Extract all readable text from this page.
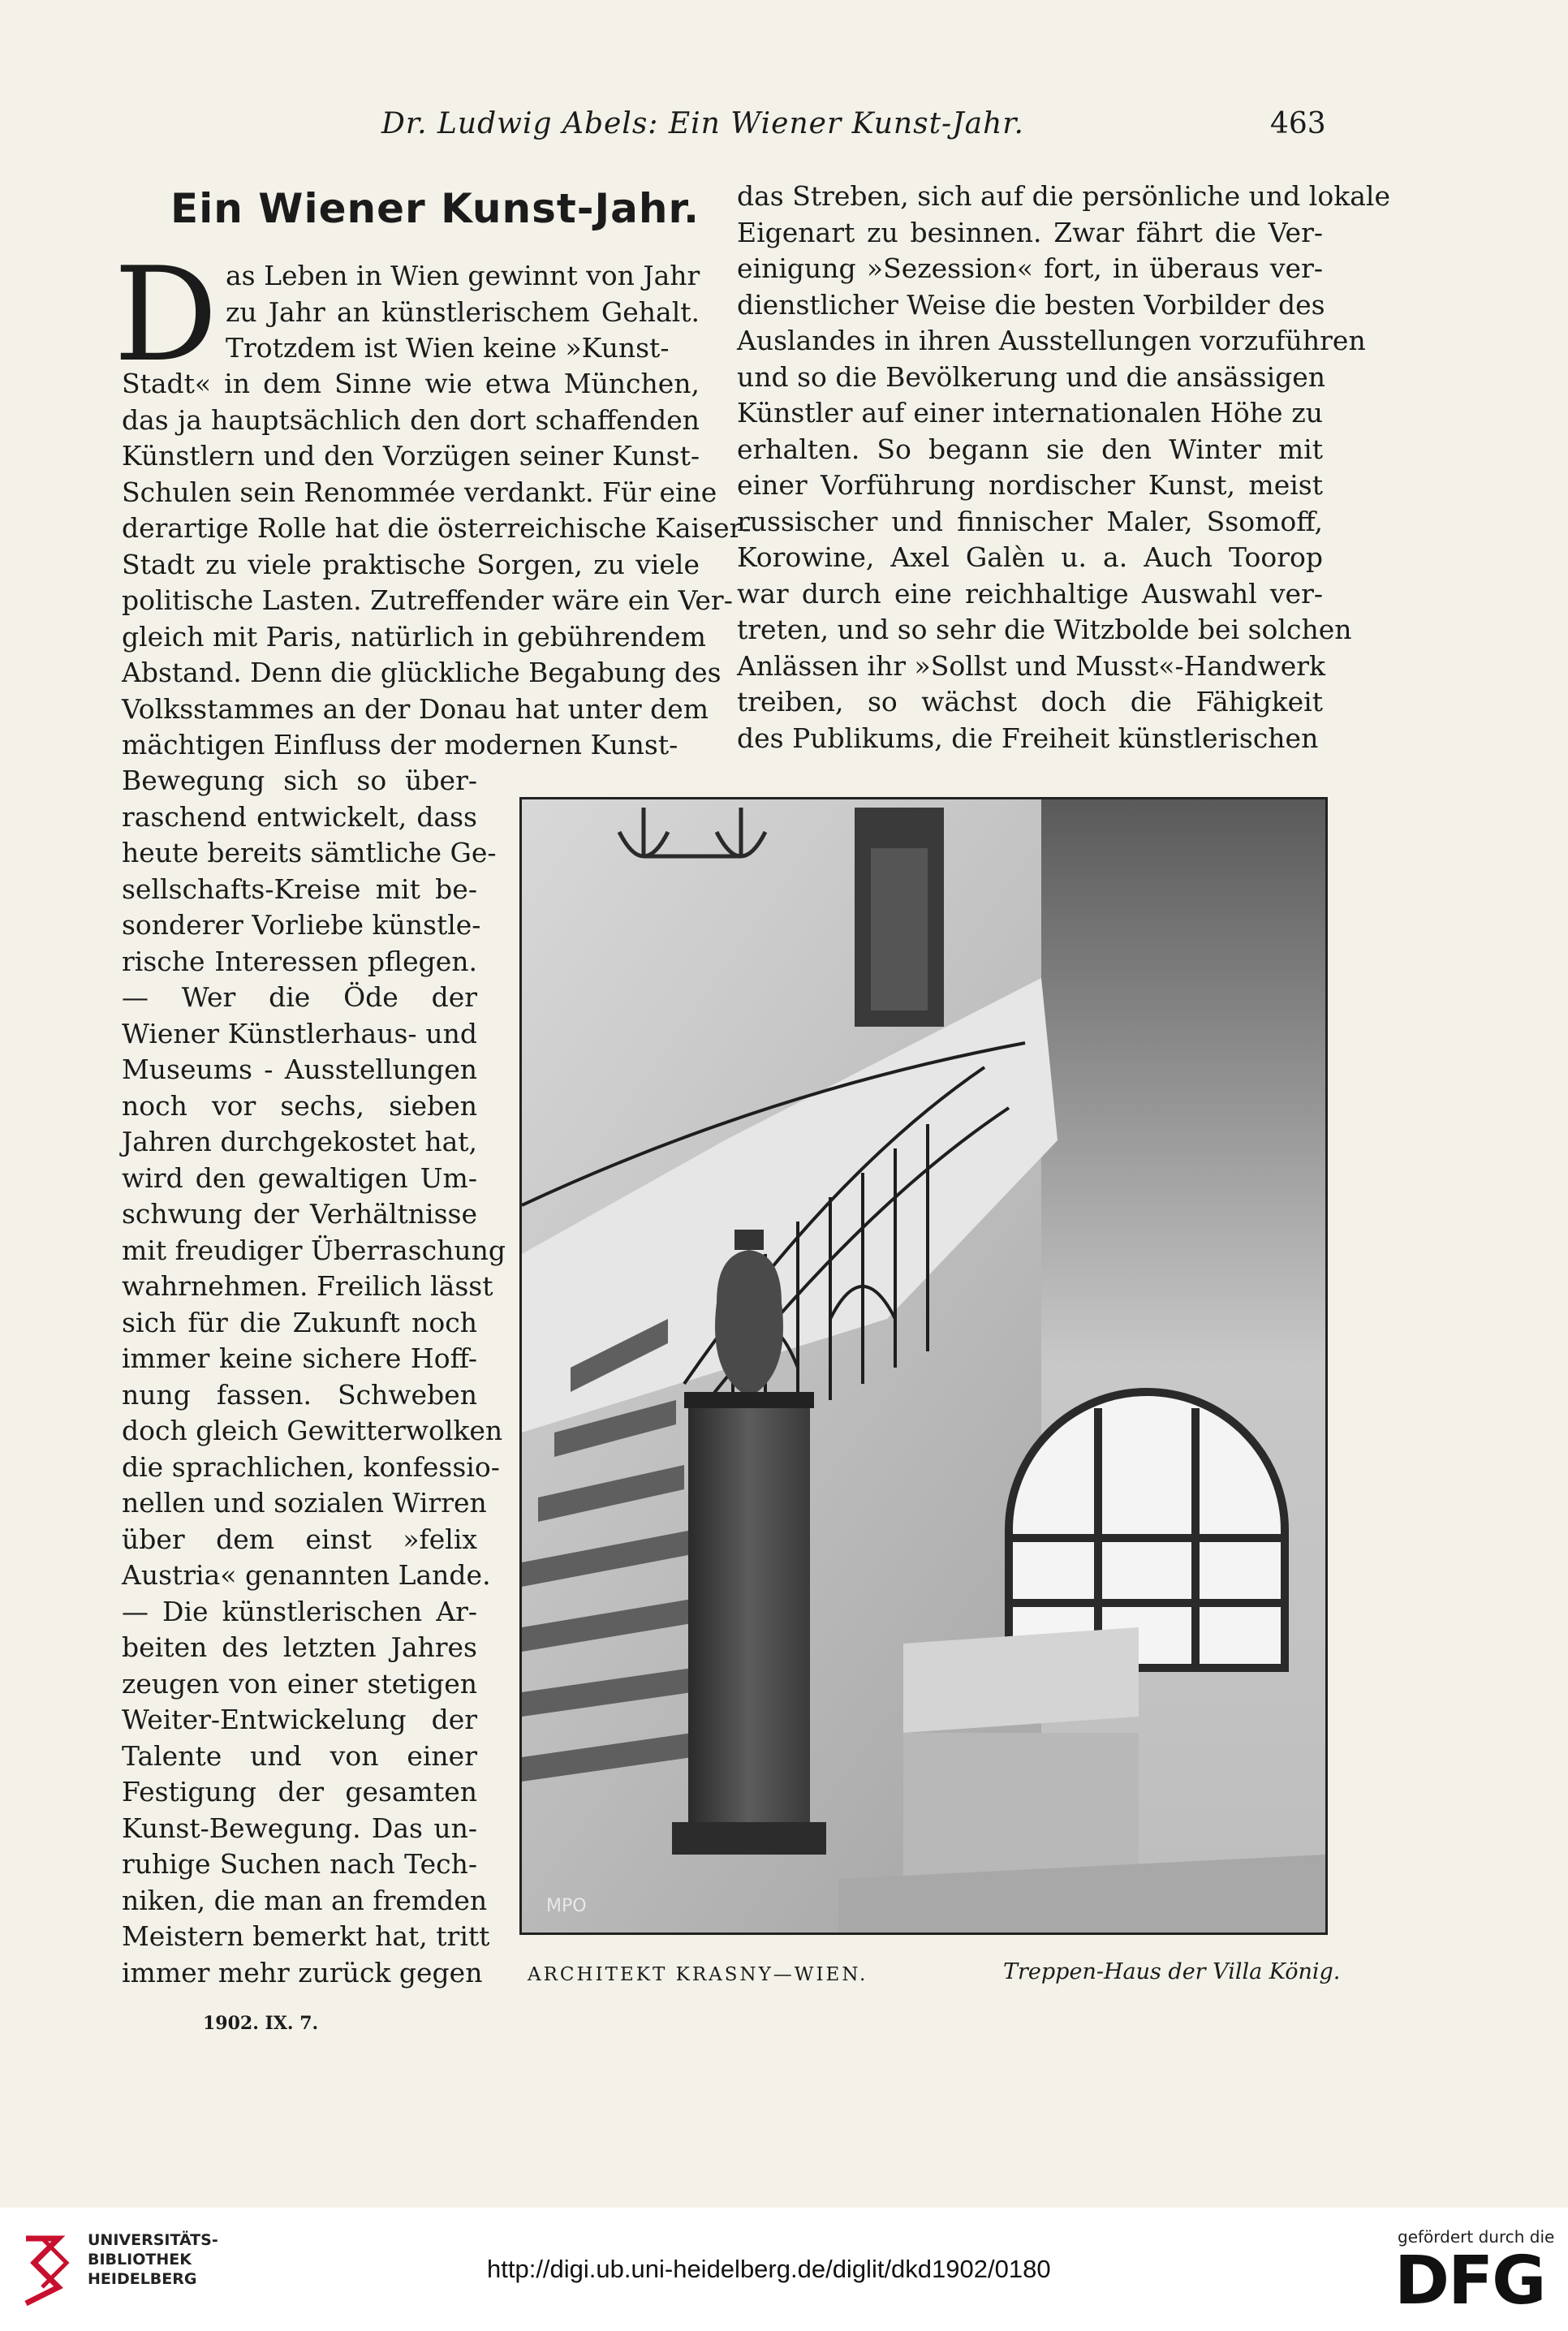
Dr. Ludwig Abels: Ein Wiener Kunst-Jahr.	463
Ein Wiener Kunst-Jahr.
D as Leben in Wien gewinnt von Jahr
zu Jahr an künstlerischem Gehalt.
Trotzdem ist Wien keine »Kunst-
Stadt« in dem Sinne wie etwa München,
das ja hauptsächlich den dort schaffenden
Künstlern und den Vorzügen seiner Kunst-
Schulen sein Renommée verdankt. Für eine
derartige Rolle hat die österreichische Kaiser-
Stadt zu viele praktische Sorgen, zu viele
politische Lasten. Zutreffender wäre ein Ver-
gleich mit Paris, natürlich in gebührendem
Abstand. Denn die glückliche Begabung des
Volksstammes an der Donau hat unter dem
mächtigen Einfluss der modernen Kunst-
Bewegung sich so über-
raschend entwickelt, dass
heute bereits sämtliche Ge-
sellschafts-Kreise mit be-
sonderer Vorliebe künstle-
rische Interessen pflegen.
— Wer die Öde der
Wiener Künstlerhaus- und
Museums - Ausstellungen
noch vor sechs, sieben
Jahren durchgekostet hat,
wird den gewaltigen Um-
schwung der Verhältnisse
mit freudiger Überraschung
wahrnehmen. Freilich lässt
sich für die Zukunft noch
immer keine sichere Hoff-
nung fassen. Schweben
doch gleich Gewitterwolken
die sprachlichen, konfessio-
nellen und sozialen Wirren
über dem einst »felix
Austria« genannten Lande.
— Die künstlerischen Ar-
beiten des letzten Jahres
zeugen von einer stetigen
Weiter-Entwickelung der
Talente und von einer
Festigung der gesamten
Kunst-Bewegung. Das un-
ruhige Suchen nach Tech-
niken, die man an fremden
Meistern bemerkt hat, tritt
immer mehr zurück gegen
das Streben, sich auf die persönliche und lokale
Eigenart zu besinnen. Zwar fährt die Ver-
einigung »Sezession« fort, in überaus ver-
dienstlicher Weise die besten Vorbilder des
Auslandes in ihren Ausstellungen vorzuführen
und so die Bevölkerung und die ansässigen
Künstler auf einer internationalen Höhe zu
erhalten. So begann sie den Winter mit
einer Vorführung nordischer Kunst, meist
russischer und finnischer Maler, Ssomoff,
Korowine, Axel Galèn u. a. Auch Toorop
war durch eine reichhaltige Auswahl ver-
treten, und so sehr die Witzbolde bei solchen
Anlässen ihr »Sollst und Musst«-Handwerk
treiben, so wächst doch die Fähigkeit
des Publikums, die Freiheit künstlerischen
MPO
ARCHITEKT KRASNY—WIEN.	Treppen-Haus der Villa König.
1902. IX. 7.
UNIVERSITÄTS-
BIBLIOTHEK
HEIDELBERG	http://digi.ub.uni-heidelberg.de/diglit/dkd1902/0180
gefördert durch die
DFG
